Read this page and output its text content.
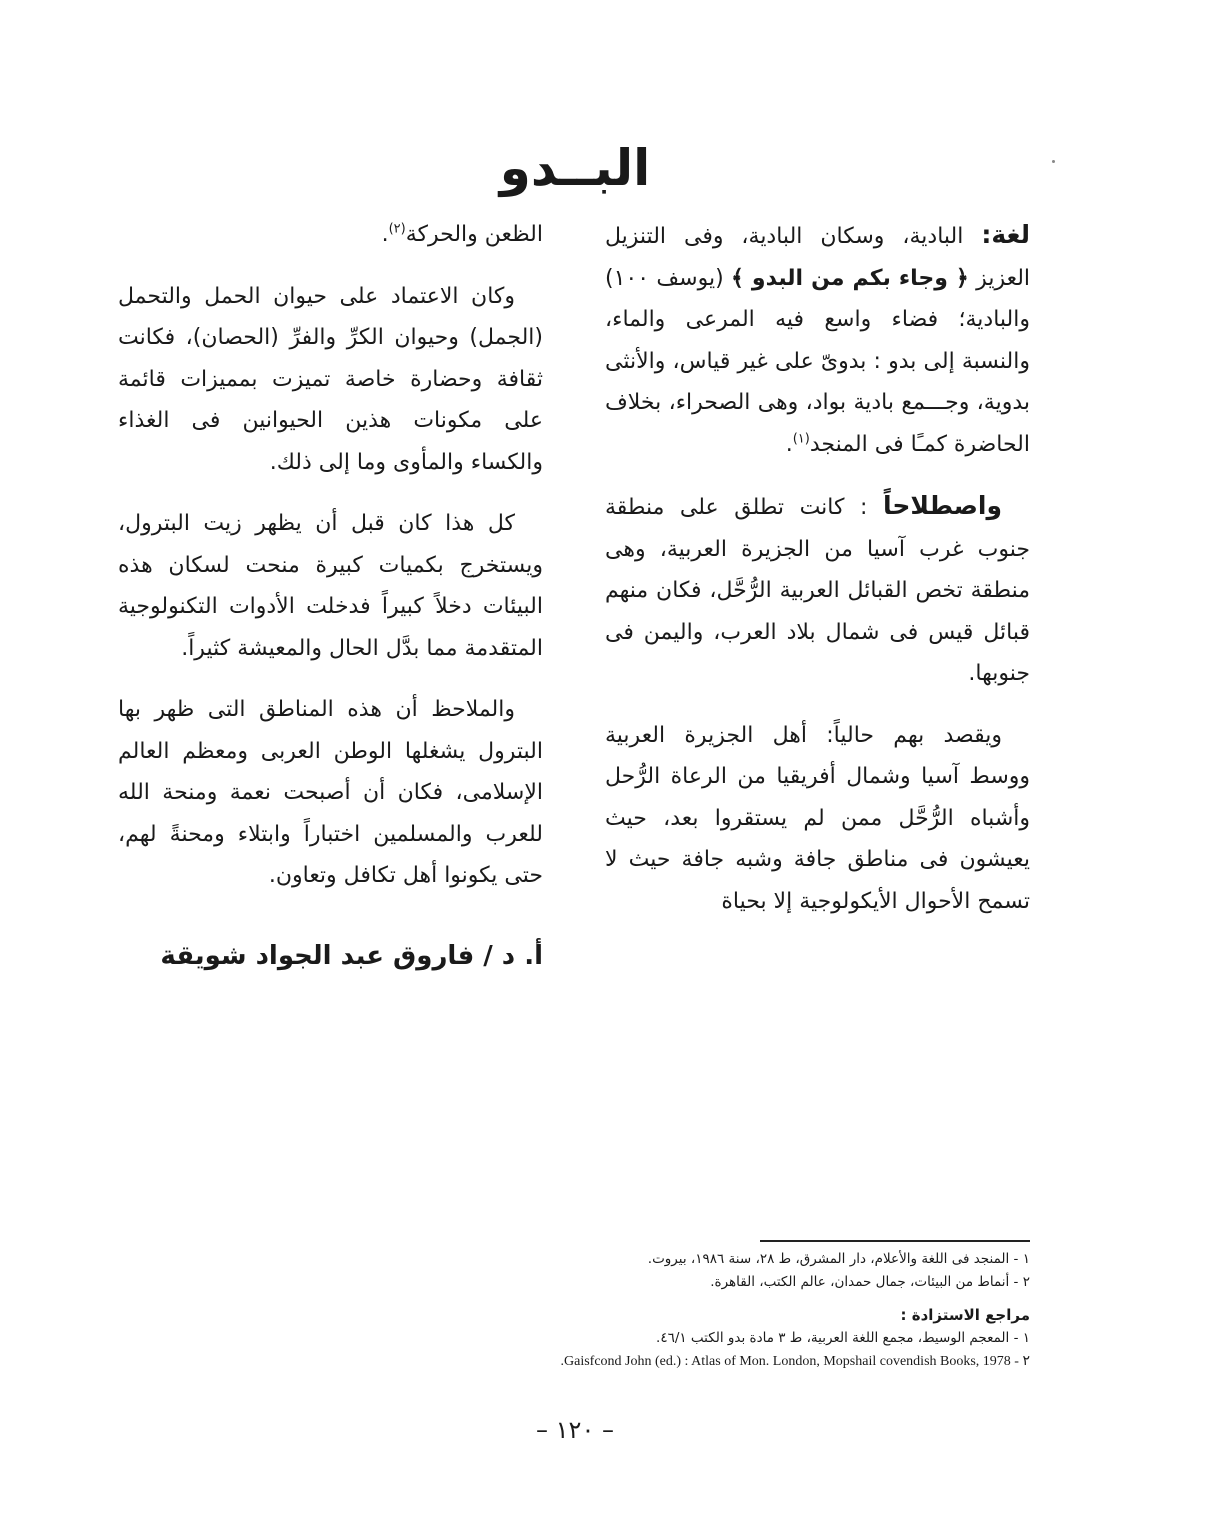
البــدو

لغة: البادية، وسكان البادية، وفى التنزيل العزيز ﴿ وجاء بكم من البدو ﴾ (يوسف ١٠٠) والبادية؛ فضاء واسع فيه المرعى والماء، والنسبة إلى بدو : بدوىّ على غير قياس، والأنثى بدوية، وجـــمع بادية بواد، وهى الصحراء، بخلاف الحاضرة كمـًا فى المنجد$^{(١)}$.

واصطلاحاً : كانت تطلق على منطقة جنوب غرب آسيا من الجزيرة العربية، وهى منطقة تخص القبائل العربية الرُّحَّل، فكان منهم قبائل قيس فى شمال بلاد العرب، واليمن فى جنوبها.

ويقصد بهم حالياً: أهل الجزيرة العربية ووسط آسيا وشمال أفريقيا من الرعاة الرُّحل وأشباه الرُّحَّل ممن لم يستقروا بعد، حيث يعيشون فى مناطق جافة وشبه جافة حيث لا تسمح الأحوال الأيكولوجية إلا بحياة

الظعن والحركة$^{(٢)}$.

وكان الاعتماد على حيوان الحمل والتحمل (الجمل) وحيوان الكرِّ والفرِّ (الحصان)، فكانت ثقافة وحضارة خاصة تميزت بمميزات قائمة على مكونات هذين الحيوانين فى الغذاء والكساء والمأوى وما إلى ذلك.

كل هذا كان قبل أن يظهر زيت البترول، ويستخرج بكميات كبيرة منحت لسكان هذه البيئات دخلاً كبيراً فدخلت الأدوات التكنولوجية المتقدمة مما بدَّل الحال والمعيشة كثيراً.

والملاحظ أن هذه المناطق التى ظهر بها البترول يشغلها الوطن العربى ومعظم العالم الإسلامى، فكان أن أصبحت نعمة ومنحة الله للعرب والمسلمين اختباراً وابتلاء ومحنةً لهم، حتى يكونوا أهل تكافل وتعاون.

أ. د / فاروق عبد الجواد شويقة
١ - المنجد فى اللغة والأعلام، دار المشرق، ط ٢٨، سنة ١٩٨٦، بيروت.
٢ - أنماط من البيئات، جمال حمدان، عالم الكتب، القاهرة.
مراجع الاستزادة :
١ - المعجم الوسيط، مجمع اللغة العربية، ط ٣ مادة بدو الكتب ٤٦/١.
٢ - Gaisfcond John (ed.) : Atlas of Mon. London, Mopshail covendish Books, 1978.
– ١٢٠ –
